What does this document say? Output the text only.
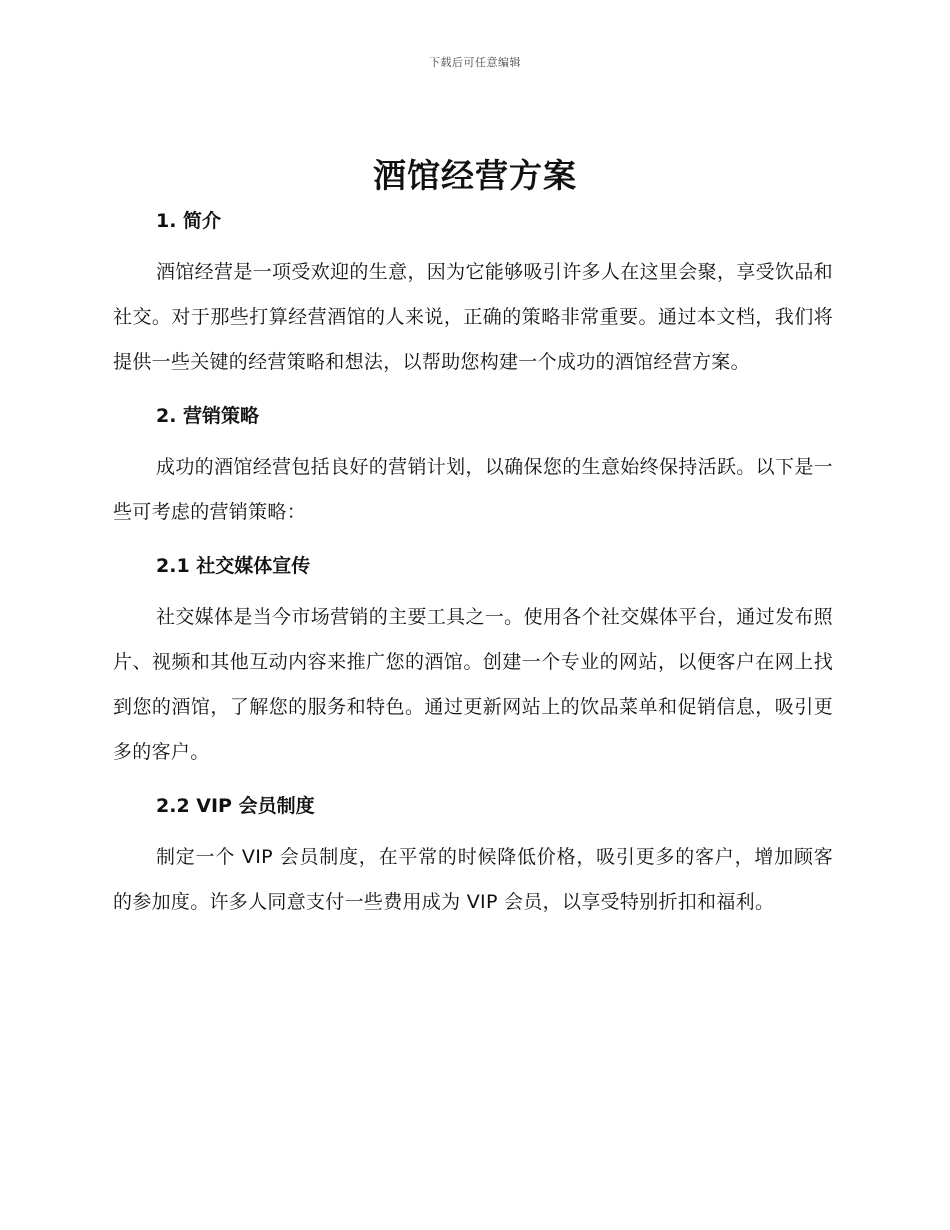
下载后可任意编辑
酒馆经营方案
1. 简介

酒馆经营是一项受欢迎的生意，因为它能够吸引许多人在这里会聚，享受饮品和社交。对于那些打算经营酒馆的人来说，正确的策略非常重要。通过本文档，我们将提供一些关键的经营策略和想法，以帮助您构建一个成功的酒馆经营方案。

2. 营销策略

成功的酒馆经营包括良好的营销计划，以确保您的生意始终保持活跃。以下是一些可考虑的营销策略：

2.1 社交媒体宣传

社交媒体是当今市场营销的主要工具之一。使用各个社交媒体平台，通过发布照片、视频和其他互动内容来推广您的酒馆。创建一个专业的网站，以便客户在网上找到您的酒馆，了解您的服务和特色。通过更新网站上的饮品菜单和促销信息，吸引更多的客户。

2.2 VIP 会员制度

制定一个 VIP 会员制度，在平常的时候降低价格，吸引更多的客户，增加顾客的参加度。许多人同意支付一些费用成为 VIP 会员，以享受特别折扣和福利。
